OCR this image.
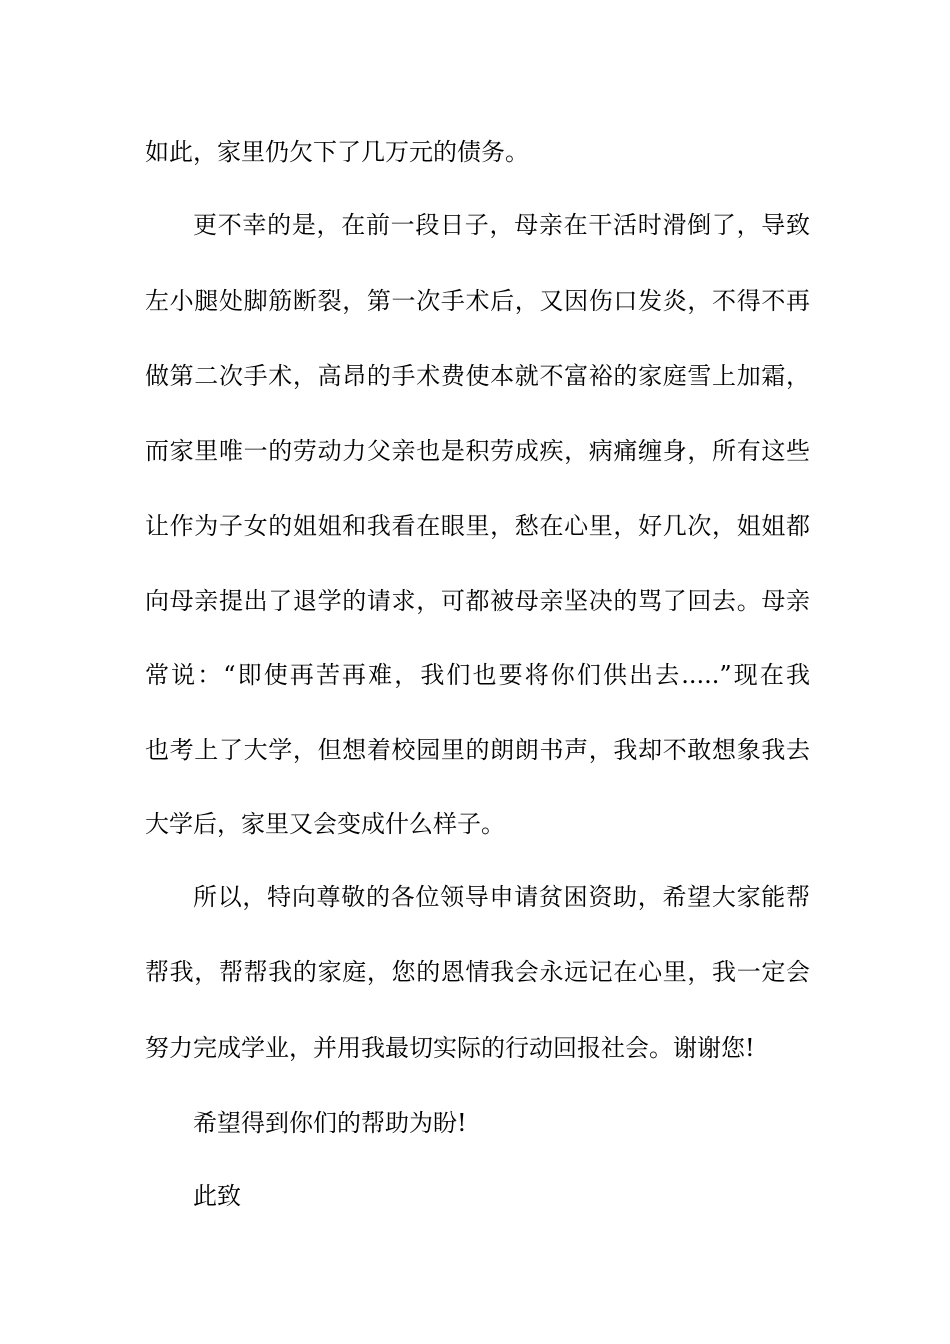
如此，家里仍欠下了几万元的债务。
更不幸的是，在前一段日子，母亲在干活时滑倒了，导致
左小腿处脚筋断裂，第一次手术后，又因伤口发炎，不得不再
做第二次手术，高昂的手术费使本就不富裕的家庭雪上加霜，
而家里唯一的劳动力父亲也是积劳成疾，病痛缠身，所有这些
让作为子女的姐姐和我看在眼里，愁在心里，好几次，姐姐都
向母亲提出了退学的请求，可都被母亲坚决的骂了回去。母亲
常说：“即使再苦再难，我们也要将你们供出去.....”现在我
也考上了大学，但想着校园里的朗朗书声，我却不敢想象我去
大学后，家里又会变成什么样子。
所以，特向尊敬的各位领导申请贫困资助，希望大家能帮
帮我，帮帮我的家庭，您的恩情我会永远记在心里，我一定会
努力完成学业，并用我最切实际的行动回报社会。谢谢您!
希望得到你们的帮助为盼!
此致
